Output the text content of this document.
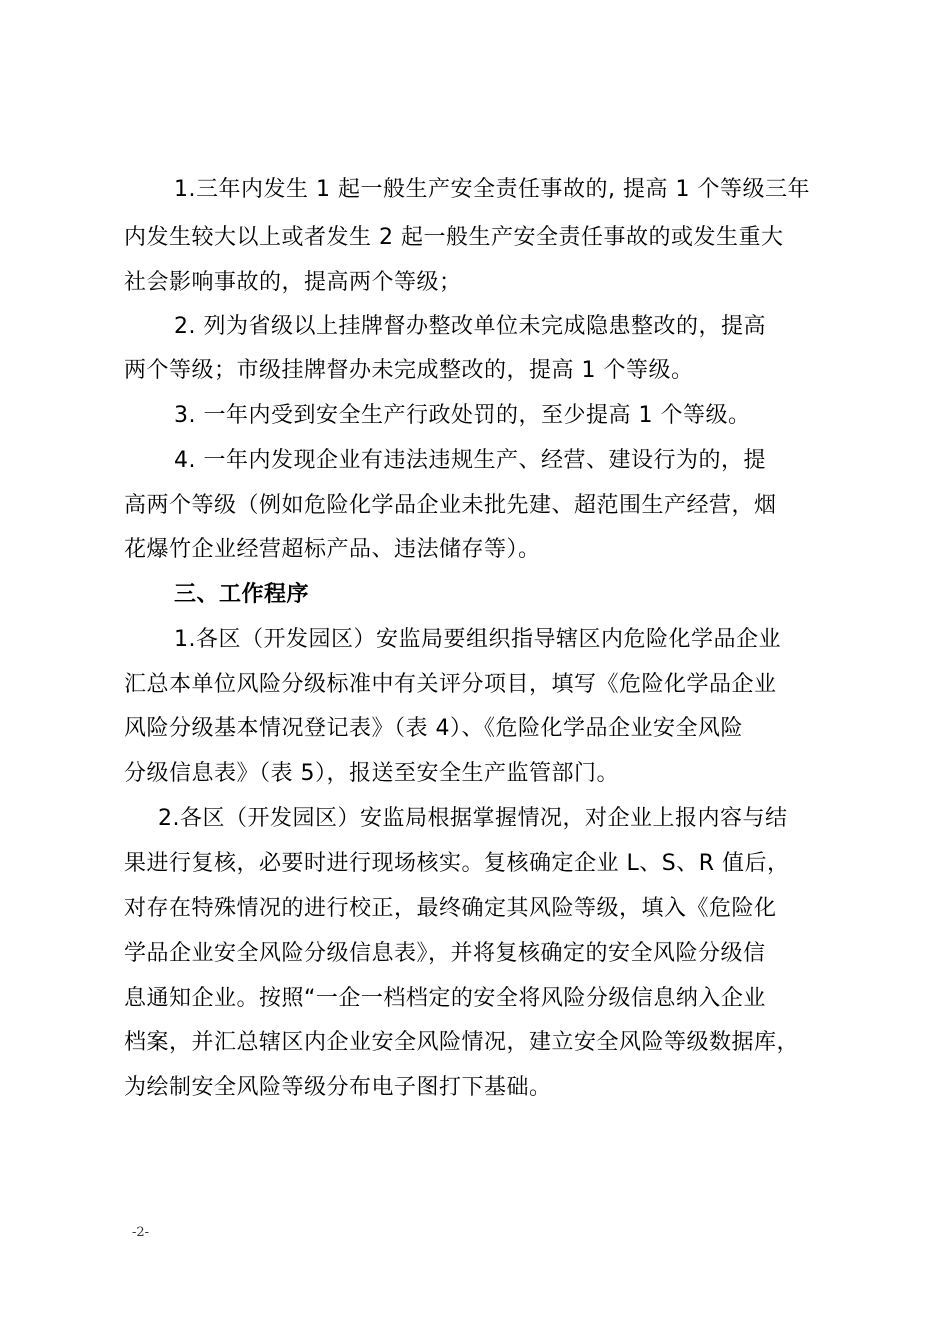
1.三年内发生 1 起一般生产安全责任事故的, 提高 1 个等级三年
内发生较大以上或者发生 2 起一般生产安全责任事故的或发生重大
社会影响事故的，提高两个等级；
2. 列为省级以上挂牌督办整改单位未完成隐患整改的，提高
两个等级；市级挂牌督办未完成整改的，提高 1 个等级。
3. 一年内受到安全生产行政处罚的，至少提高 1 个等级。
4. 一年内发现企业有违法违规生产、经营、建设行为的，提
高两个等级（例如危险化学品企业未批先建、超范围生产经营，烟
花爆竹企业经营超标产品、违法储存等）。
三、工作程序
1.各区（开发园区）安监局要组织指导辖区内危险化学品企业
汇总本单位风险分级标准中有关评分项目，填写《危险化学品企业
风险分级基本情况登记表》（表 4）、《危险化学品企业安全风险
分级信息表》（表 5），报送至安全生产监管部门。
2.各区（开发园区）安监局根据掌握情况，对企业上报内容与结
果进行复核，必要时进行现场核实。复核确定企业 L、S、R 值后，
对存在特殊情况的进行校正，最终确定其风险等级，填入《危险化
学品企业安全风险分级信息表》，并将复核确定的安全风险分级信
息通知企业。按照“一企一档档定的安全将风险分级信息纳入企业
档案，并汇总辖区内企业安全风险情况，建立安全风险等级数据库，
为绘制安全风险等级分布电子图打下基础。
-2-
